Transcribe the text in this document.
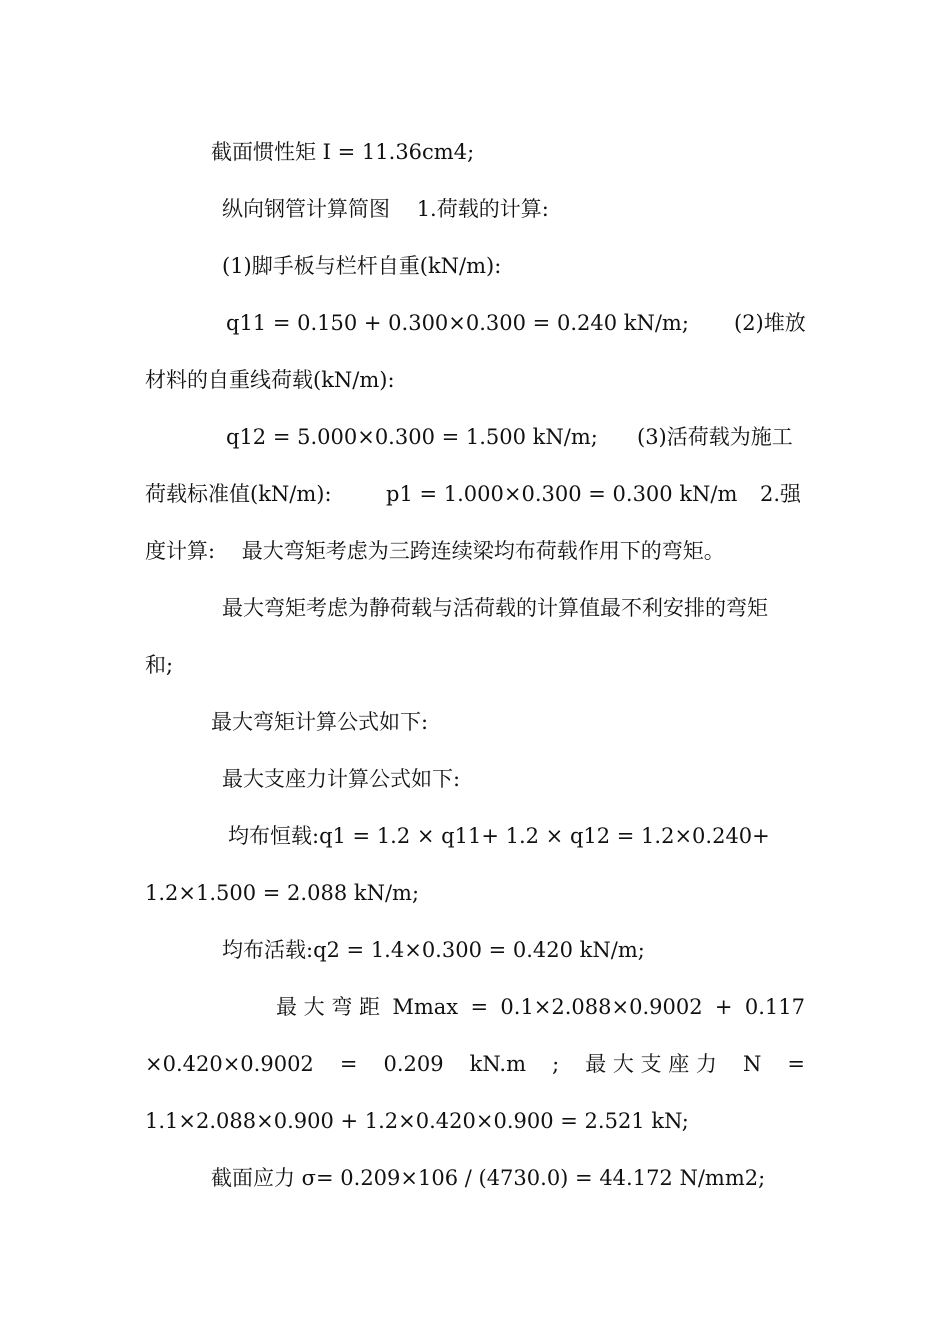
截面惯性矩 I = 11.36cm4;
纵向钢管计算简图    1.荷载的计算:
(1)脚手板与栏杆自重(kN/m):
q11 = 0.150 + 0.300×0.300 = 0.240 kN/m; (2)堆放
材料的自重线荷载(kN/m):
q12 = 5.000×0.300 = 1.500 kN/m; (3)活荷载为施工
荷载标准值(kN/m):	p1 = 1.000×0.300 = 0.300 kN/m 2.强
度计算:    最大弯矩考虑为三跨连续梁均布荷载作用下的弯矩。
最大弯矩考虑为静荷载与活荷载的计算值最不利安排的弯矩
和;
最大弯矩计算公式如下:
最大支座力计算公式如下:
均布恒载:q1 = 1.2 × q11+ 1.2 × q12 = 1.2×0.240+
1.2×1.500 = 2.088 kN/m;
均布活载:q2 = 1.4×0.300 = 0.420 kN/m;
最 大 弯 距 Mmax = 0.1×2.088×0.9002 + 0.117
×0.420×0.9002 = 0.209 kN.m ; 最 大 支 座 力 N =
1.1×2.088×0.900 + 1.2×0.420×0.900 = 2.521 kN;
截面应力 σ= 0.209×106 / (4730.0) = 44.172 N/mm2;
